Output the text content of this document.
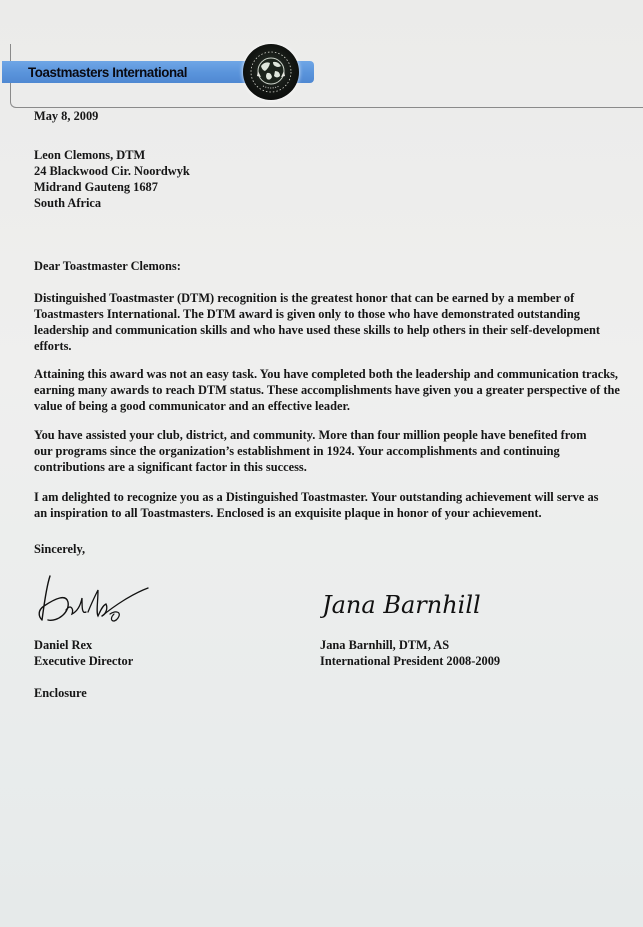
Toastmasters International
May 8, 2009
Leon Clemons, DTM
24 Blackwood Cir. Noordwyk
Midrand Gauteng 1687
South Africa
Dear Toastmaster Clemons:
Distinguished Toastmaster (DTM) recognition is the greatest honor that can be earned by a member of
Toastmasters International. The DTM award is given only to those who have demonstrated outstanding
leadership and communication skills and who have used these skills to help others in their self-development
efforts.
Attaining this award was not an easy task. You have completed both the leadership and communication tracks,
earning many awards to reach DTM status. These accomplishments have given you a greater perspective of the
value of being a good communicator and an effective leader.
You have assisted your club, district, and community. More than four million people have benefited from
our programs since the organization’s establishment in 1924. Your accomplishments and continuing
contributions are a significant factor in this success.
I am delighted to recognize you as a Distinguished Toastmaster. Your outstanding achievement will serve as
an inspiration to all Toastmasters. Enclosed is an exquisite plaque in honor of your achievement.
Sincerely,
Jana Barnhill
Daniel Rex
Executive Director
Jana Barnhill, DTM, AS
International President 2008-2009
Enclosure
